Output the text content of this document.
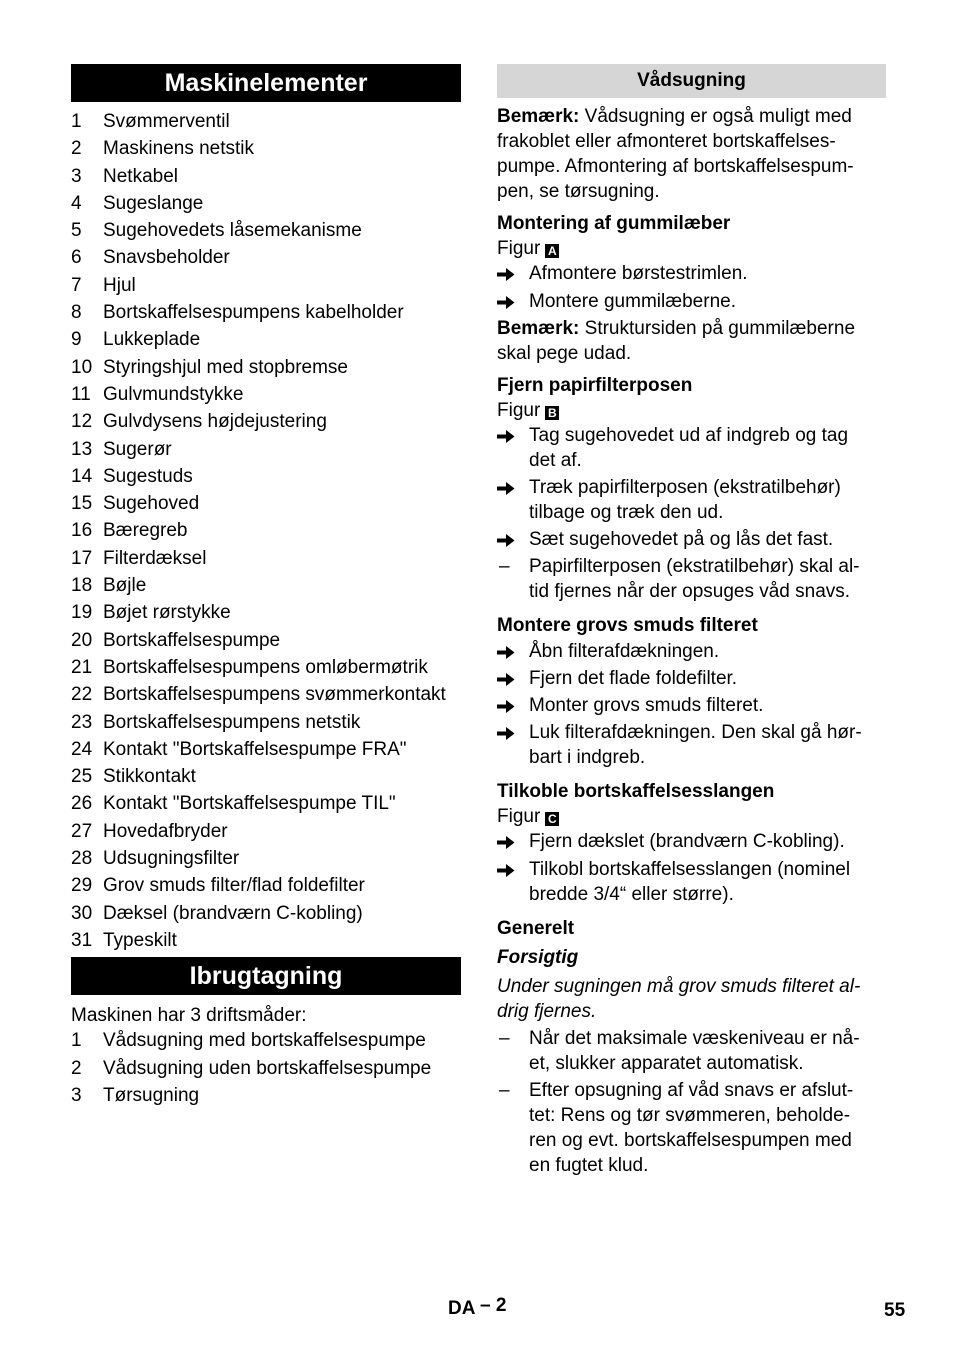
Maskinelementer
1	Svømmerventil
2	Maskinens netstik
3	Netkabel
4	Sugeslange
5	Sugehovedets låsemekanisme
6	Snavsbeholder
7	Hjul
8	Bortskaffelsespumpens kabelholder
9	Lukkeplade
10 Styringshjul med stopbremse
11 Gulvmundstykke
12 Gulvdysens højdejustering
13 Sugerør
14 Sugestuds
15 Sugehoved
16 Bæregreb
17 Filterdæksel
18 Bøjle
19 Bøjet rørstykke
20 Bortskaffelsespumpe
21 Bortskaffelsespumpens omløbermøtrik
22 Bortskaffelsespumpens svømmerkontakt
23 Bortskaffelsespumpens netstik
24 Kontakt "Bortskaffelsespumpe FRA"
25 Stikkontakt
26 Kontakt "Bortskaffelsespumpe TIL"
27 Hovedafbryder
28 Udsugningsfilter
29 Grov smuds filter/flad foldefilter
30 Dæksel (brandværn C-kobling)
31 Typeskilt
Ibrugtagning

Maskinen har 3 driftsmåder:

1	Vådsugning med bortskaffelsespumpe
2	Vådsugning uden bortskaffelsespumpe
3	Tørsugning
Vådsugning
Bemærk: Vådsugning er også muligt med
frakoblet eller afmonteret bortskaffelses-
pumpe. Afmontering af bortskaffelsespum-
pen, se tørsugning.
Montering af gummilæber
Figur A
Afmontere børstestrimlen.
Montere gummilæberne.
Bemærk: Struktursiden på gummilæberne
skal pege udad.
Fjern papirfilterposen
Figur B
Tag sugehovedet ud af indgreb og tag
det af.
Træk papirfilterposen (ekstratilbehør)
tilbage og træk den ud.
Sæt sugehovedet på og lås det fast.
–	Papirfilterposen (ekstratilbehør) skal al-
tid fjernes når der opsuges våd snavs.
Montere grovs smuds filteret
Åbn filterafdækningen.
Fjern det flade foldefilter.
Monter grovs smuds filteret.
Luk filterafdækningen. Den skal gå hør-
bart i indgreb.
Tilkoble bortskaffelsesslangen
Figur C
Fjern dækslet (brandværn C-kobling).
Tilkobl bortskaffelsesslangen (nominel
bredde 3/4“ eller større).
Generelt
Forsigtig
Under sugningen må grov smuds filteret al-
drig fjernes.
–	Når det maksimale væskeniveau er nå-
et, slukker apparatet automatisk.
–	Efter opsugning af våd snavs er afslut-
tet: Rens og tør svømmeren, beholde-
ren og evt. bortskaffelsespumpen med
en fugtet klud.
DA – 2	55
